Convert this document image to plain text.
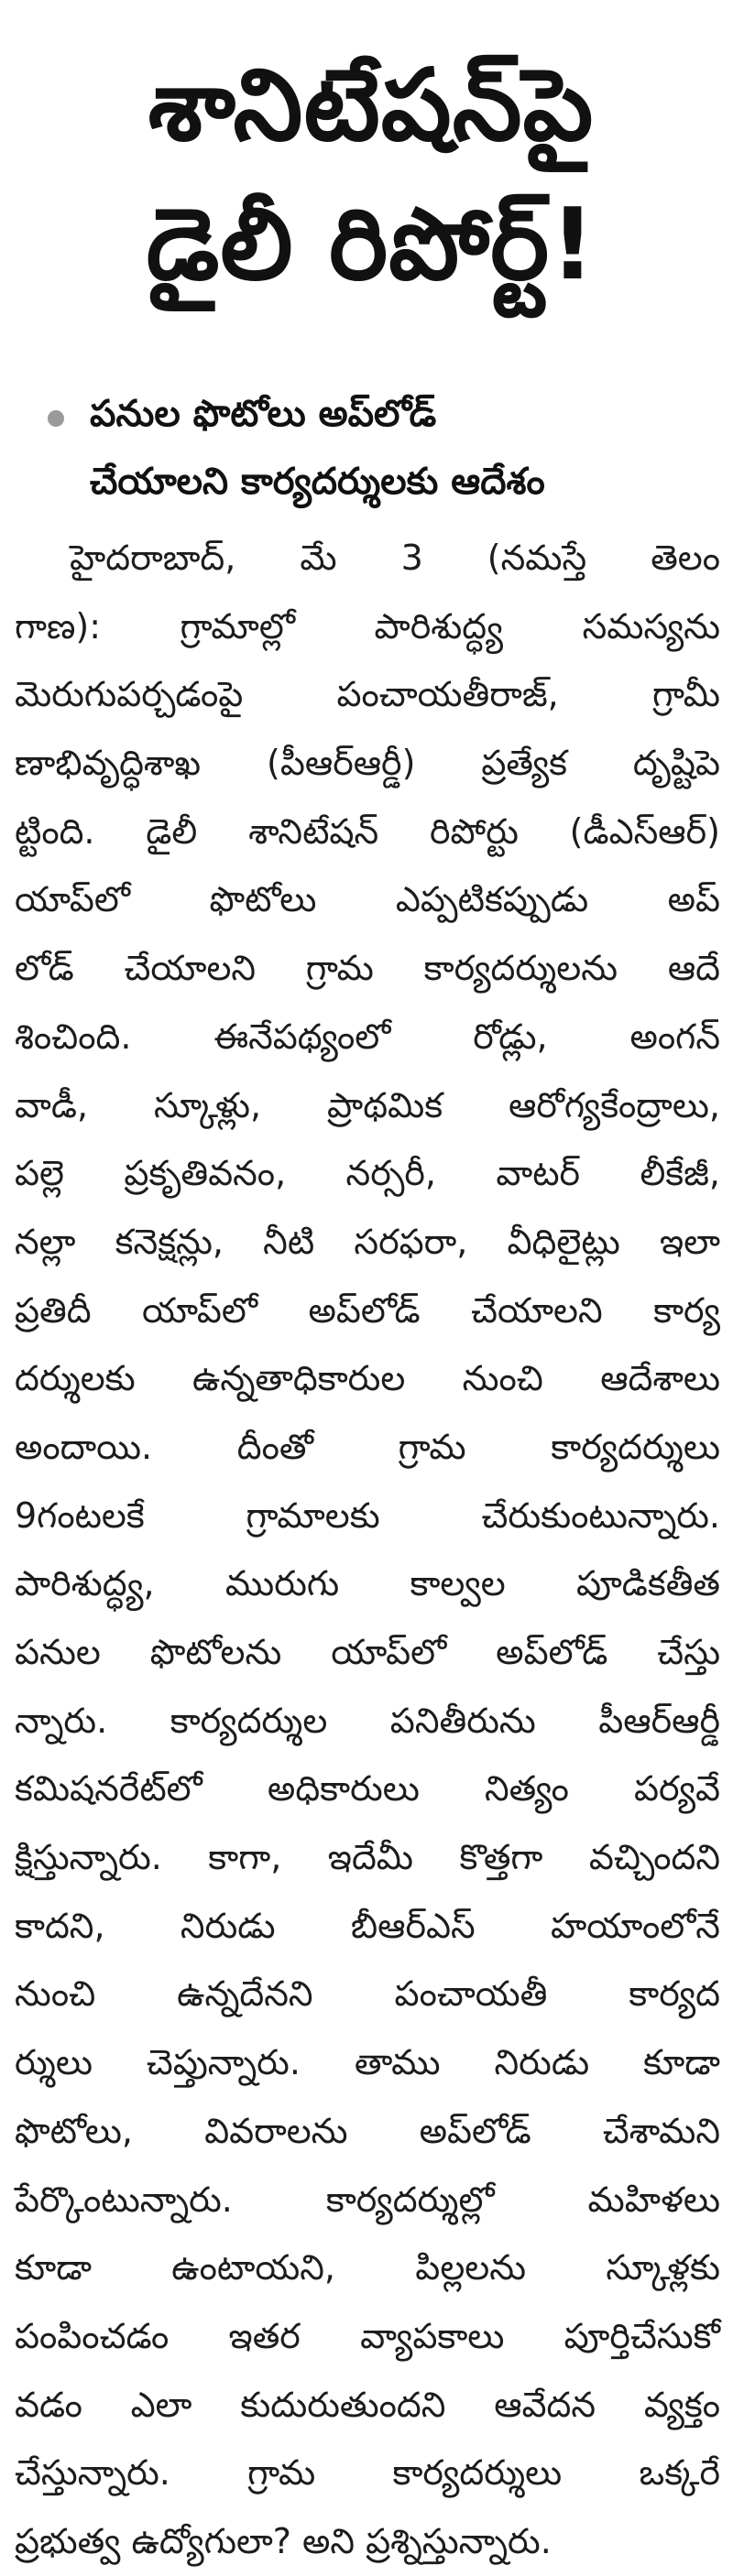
శానిటేషన్‌పై
డైలీ రిపోర్ట్‌!
పనుల ఫొటోలు అప్‌లోడ్‌
చేయాలని కార్యదర్శులకు ఆదేశం
హైదరాబాద్‌, మే 3 (నమస్తే తెలం
గాణ): గ్రామాల్లో పారిశుద్ధ్య సమస్యను
మెరుగుపర్చడంపై పంచాయతీరాజ్‌, గ్రామీ
ణాభివృద్ధిశాఖ (పీఆర్‌ఆర్డీ) ప్రత్యేక దృష్టిపె
ట్టింది. డైలీ శానిటేషన్‌ రిపోర్టు (డీఎస్‌ఆర్‌)
యాప్‌లో ఫొటోలు ఎప్పటికప్పుడు అప్‌
లోడ్‌ చేయాలని గ్రామ కార్యదర్శులను ఆదే
శించింది. ఈనేపథ్యంలో రోడ్లు, అంగన్‌
వాడీ, స్కూళ్లు, ప్రాథమిక ఆరోగ్యకేంద్రాలు,
పల్లె ప్రకృతివనం, నర్సరీ, వాటర్‌ లీకేజీ,
నల్లా కనెక్షన్లు, నీటి సరఫరా, వీధిలైట్లు ఇలా
ప్రతిదీ యాప్‌లో అప్‌లోడ్‌ చేయాలని కార్య
దర్శులకు ఉన్నతాధికారుల నుంచి ఆదేశాలు
అందాయి. దీంతో గ్రామ కార్యదర్శులు
9గంటలకే గ్రామాలకు చేరుకుంటున్నారు.
పారిశుద్ధ్య, మురుగు కాల్వల పూడికతీత
పనుల ఫొటోలను యాప్‌లో అప్‌లోడ్‌ చేస్తు
న్నారు. కార్యదర్శుల పనితీరును పీఆర్‌ఆర్డీ
కమిషనరేట్‌లో అధికారులు నిత్యం పర్యవే
క్షిస్తున్నారు. కాగా, ఇదేమీ కొత్తగా వచ్చిందని
కాదని, నిరుడు బీఆర్‌ఎస్‌ హయాంలోనే
నుంచి ఉన్నదేనని పంచాయతీ కార్యద
ర్శులు చెప్తున్నారు. తాము నిరుడు కూడా
ఫొటోలు, వివరాలను అప్‌లోడ్‌ చేశామని
పేర్కొంటున్నారు. కార్యదర్శుల్లో మహిళలు
కూడా ఉంటాయని, పిల్లలను స్కూళ్లకు
పంపించడం ఇతర వ్యాపకాలు పూర్తిచేసుకో
వడం ఎలా కుదురుతుందని ఆవేదన వ్యక్తం
చేస్తున్నారు. గ్రామ కార్యదర్శులు ఒక్కరే
ప్రభుత్వ ఉద్యోగులా? అని ప్రశ్నిస్తున్నారు.
